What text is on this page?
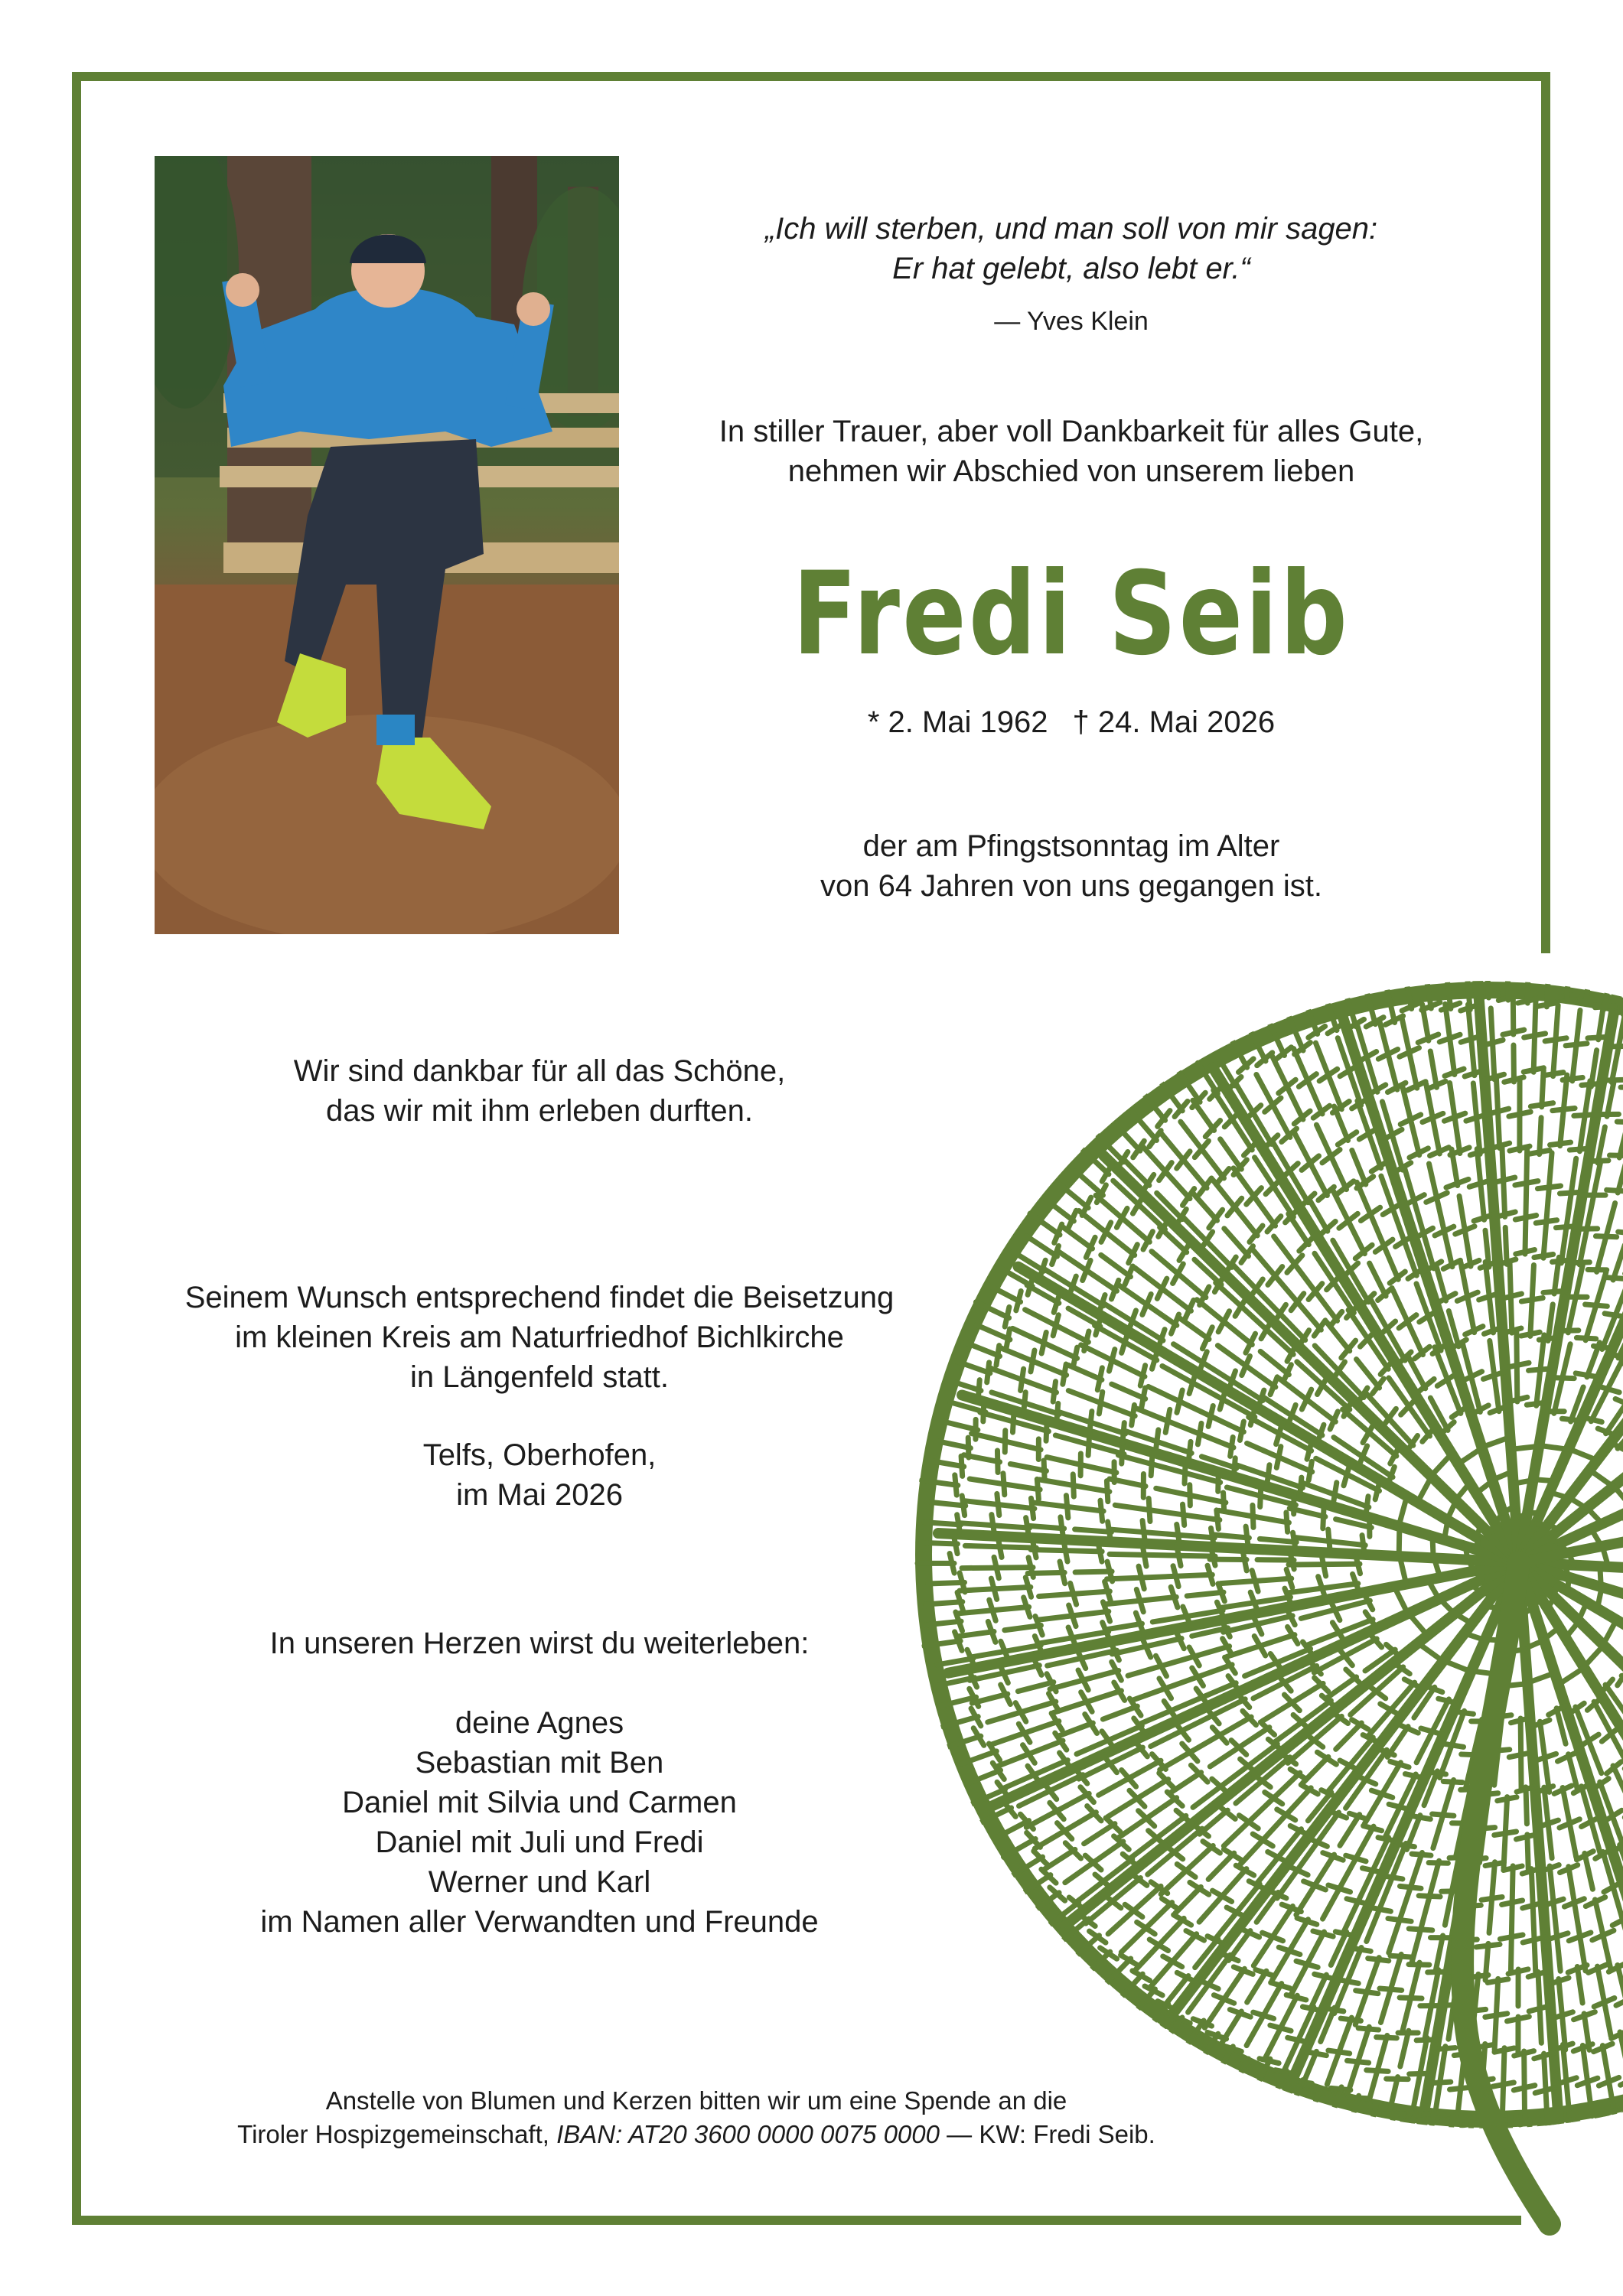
„Ich will sterben, und man soll von mir sagen:
Er hat gelebt, also lebt er.“
— Yves Klein
In stiller Trauer, aber voll Dankbarkeit für alles Gute,
nehmen wir Abschied von unserem lieben
Fredi Seib
* 2. Mai 1962 † 24. Mai 2026
der am Pfingstsonntag im Alter
von 64 Jahren von uns gegangen ist.
Wir sind dankbar für all das Schöne,
das wir mit ihm erleben durften.
Seinem Wunsch entsprechend findet die Beisetzung
im kleinen Kreis am Naturfriedhof Bichlkirche
in Längenfeld statt.
Telfs, Oberhofen,
im Mai 2026
In unseren Herzen wirst du weiterleben:
deine Agnes
Sebastian mit Ben
Daniel mit Silvia und Carmen
Daniel mit Juli und Fredi
Werner und Karl
im Namen aller Verwandten und Freunde
Anstelle von Blumen und Kerzen bitten wir um eine Spende an die
Tiroler Hospizgemeinschaft, IBAN: AT20 3600 0000 0075 0000 — KW: Fredi Seib.
